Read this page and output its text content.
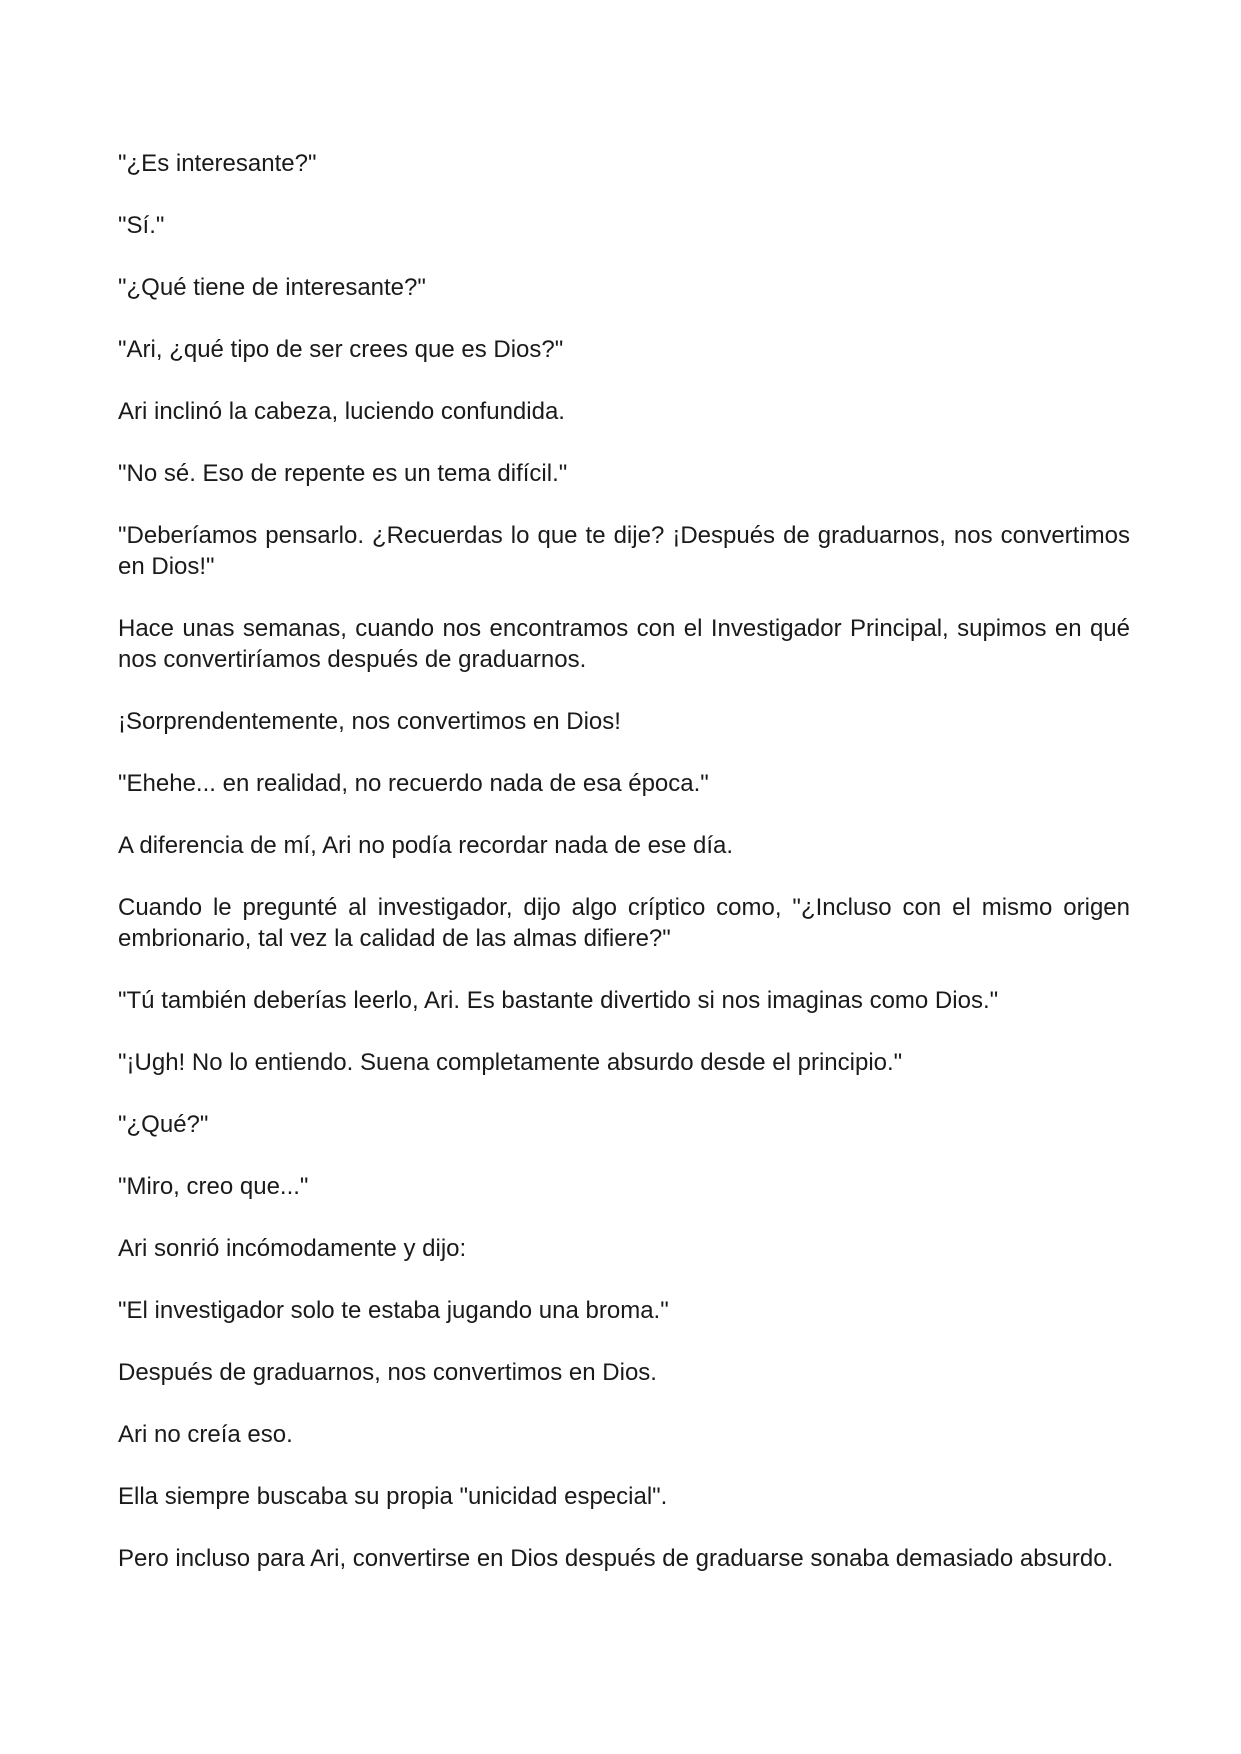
"¿Es interesante?"

"Sí."

"¿Qué tiene de interesante?"

"Ari, ¿qué tipo de ser crees que es Dios?"

Ari inclinó la cabeza, luciendo confundida.

"No sé. Eso de repente es un tema difícil."

"Deberíamos pensarlo. ¿Recuerdas lo que te dije? ¡Después de graduarnos, nos convertimos en Dios!"

Hace unas semanas, cuando nos encontramos con el Investigador Principal, supimos en qué nos convertiríamos después de graduarnos.

¡Sorprendentemente, nos convertimos en Dios!

"Ehehe... en realidad, no recuerdo nada de esa época."

A diferencia de mí, Ari no podía recordar nada de ese día.

Cuando le pregunté al investigador, dijo algo críptico como, "¿Incluso con el mismo origen embrionario, tal vez la calidad de las almas difiere?"

"Tú también deberías leerlo, Ari. Es bastante divertido si nos imaginas como Dios."

"¡Ugh! No lo entiendo. Suena completamente absurdo desde el principio."

"¿Qué?"

"Miro, creo que..."

Ari sonrió incómodamente y dijo:

"El investigador solo te estaba jugando una broma."

Después de graduarnos, nos convertimos en Dios.

Ari no creía eso.

Ella siempre buscaba su propia "unicidad especial".

Pero incluso para Ari, convertirse en Dios después de graduarse sonaba demasiado absurdo.
